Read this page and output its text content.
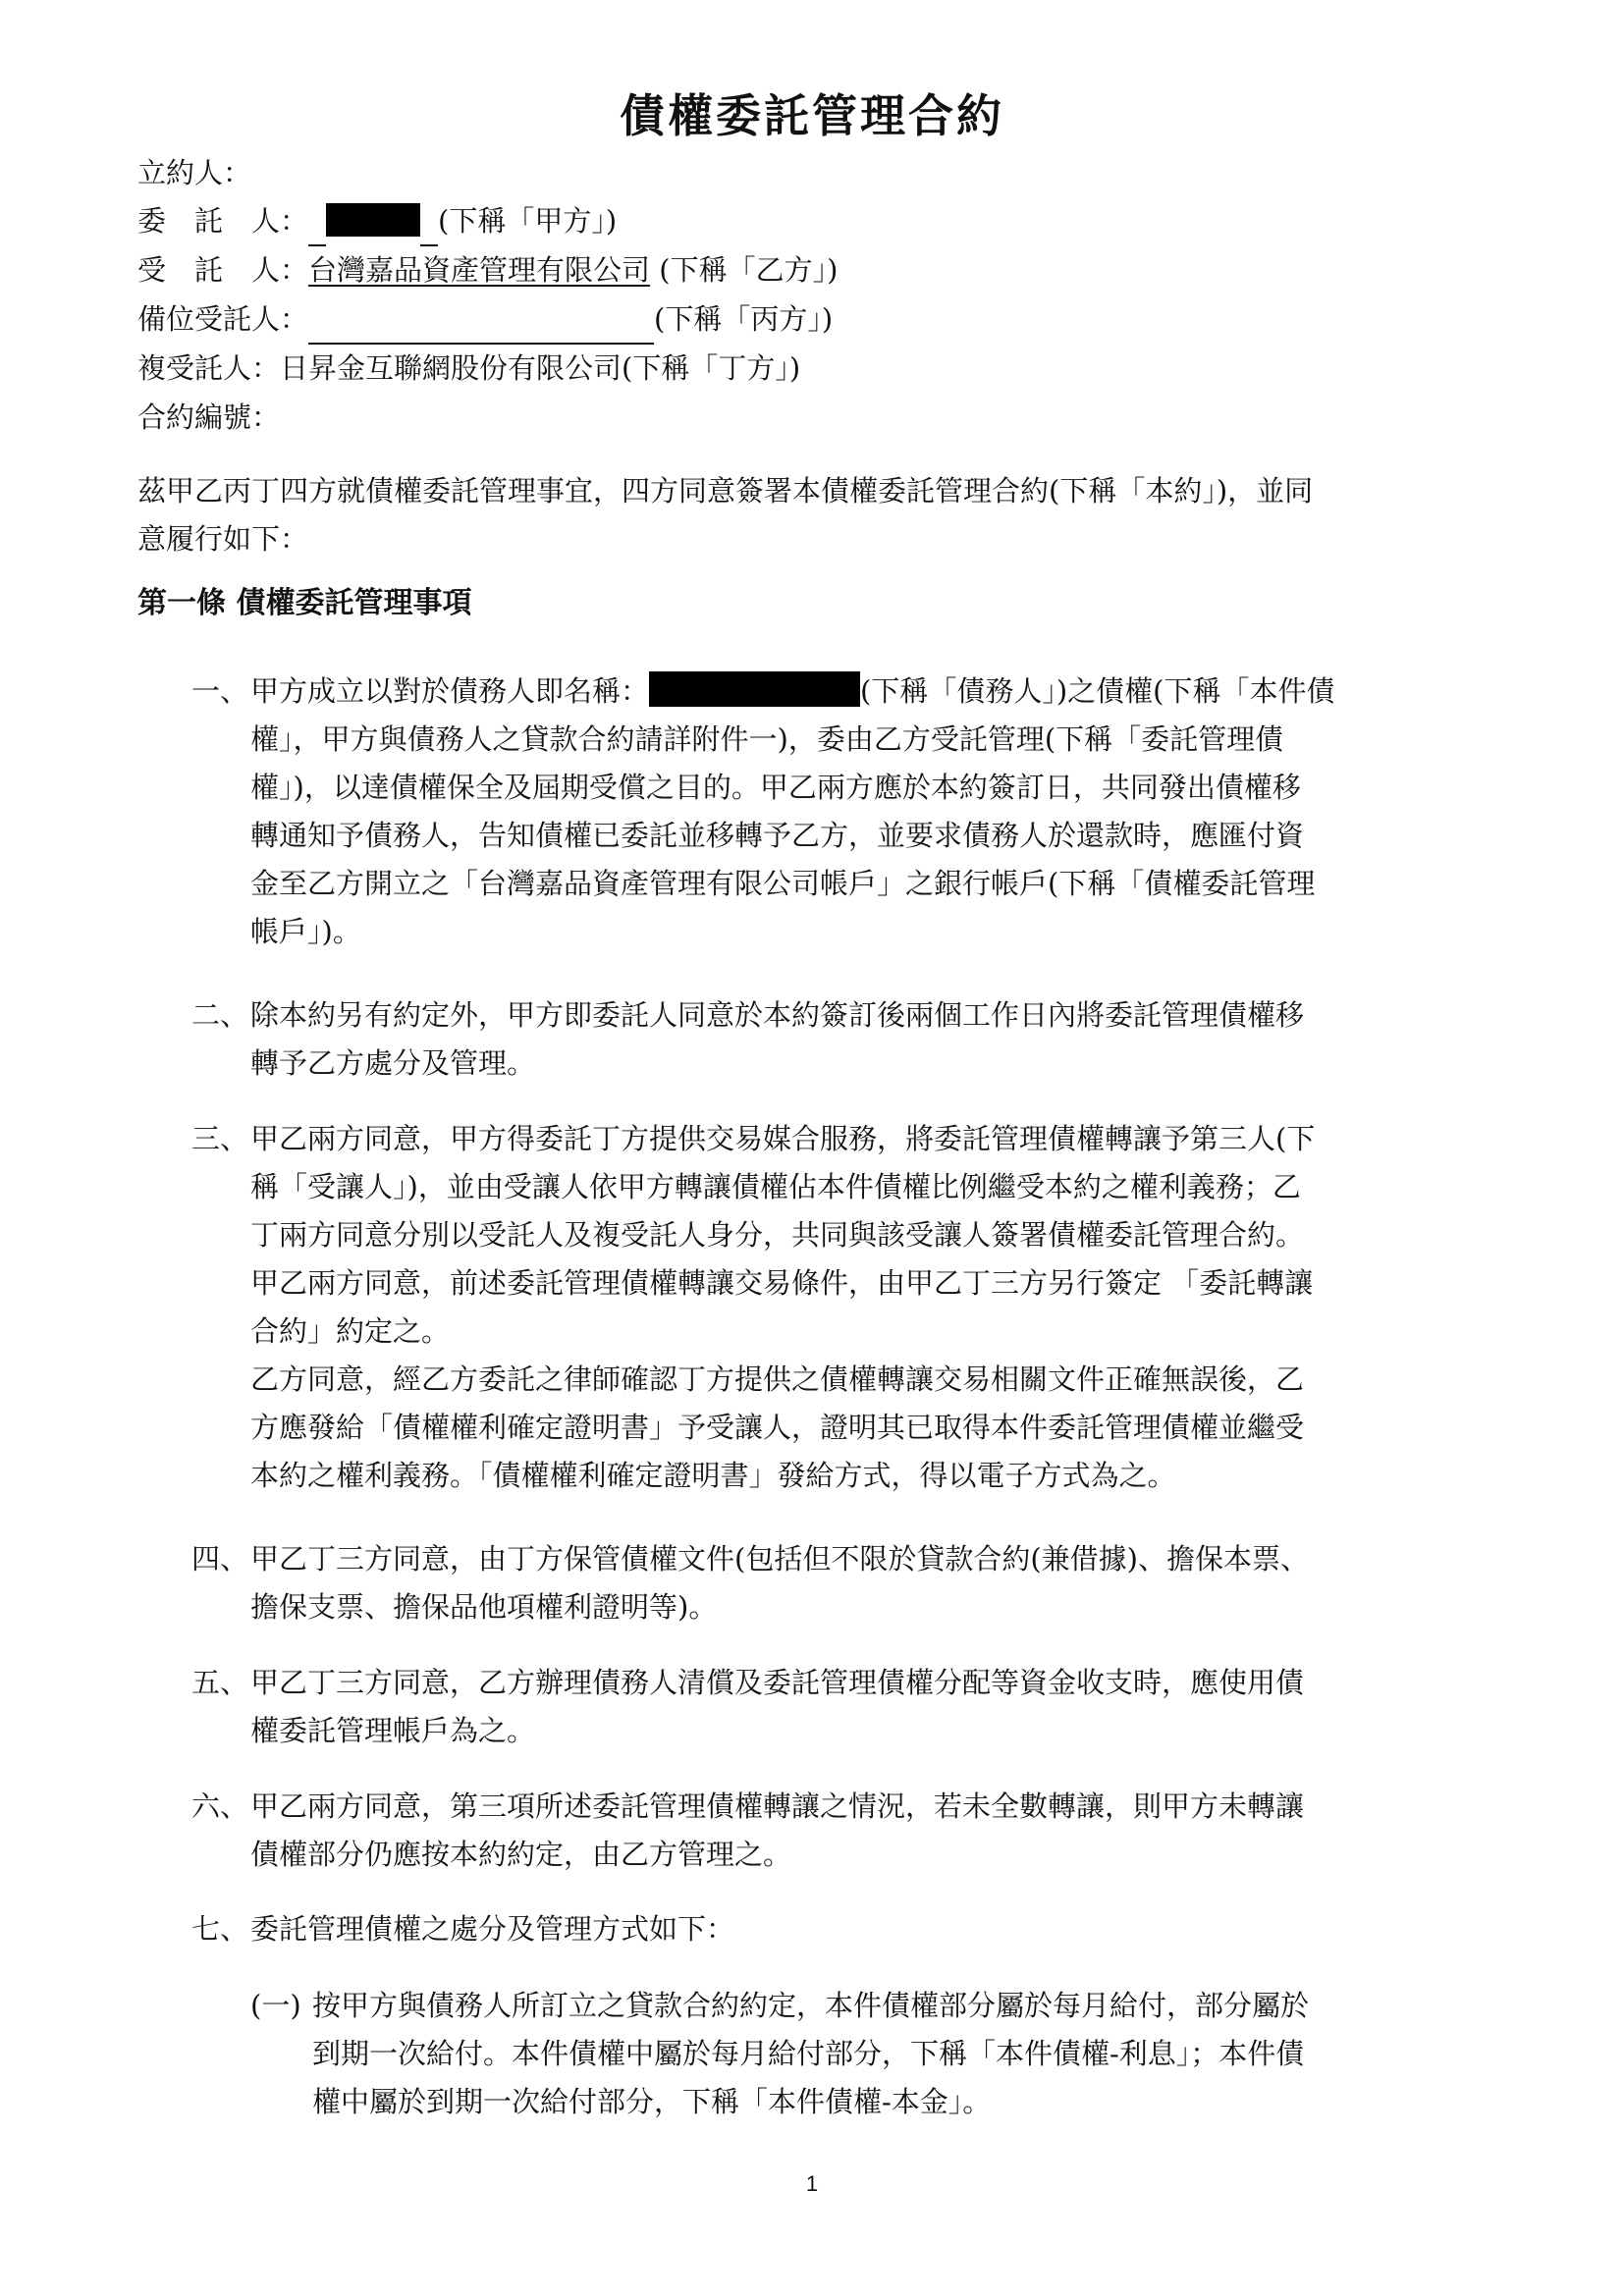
債權委託管理合約
立約人：
委　託　人：	(下稱「甲方」)
受　託　人：台灣嘉品資產管理有限公司 (下稱「乙方」)
備位受託人：	(下稱「丙方」)
複受託人：日昇金互聯網股份有限公司(下稱「丁方」)
合約編號：
茲甲乙丙丁四方就債權委託管理事宜，四方同意簽署本債權委託管理合約(下稱「本約」)，並同
意履行如下：
第一條 債權委託管理事項
一、 甲方成立以對於債務人即名稱：	(下稱「債務人」)之債權(下稱「本件債
權」，甲方與債務人之貸款合約請詳附件一)，委由乙方受託管理(下稱「委託管理債
權」)，以達債權保全及屆期受償之目的。甲乙兩方應於本約簽訂日，共同發出債權移
轉通知予債務人，告知債權已委託並移轉予乙方，並要求債務人於還款時，應匯付資
金至乙方開立之「台灣嘉品資產管理有限公司帳戶」之銀行帳戶(下稱「債權委託管理
帳戶」)。
二、 除本約另有約定外，甲方即委託人同意於本約簽訂後兩個工作日內將委託管理債權移
轉予乙方處分及管理。
三、 甲乙兩方同意，甲方得委託丁方提供交易媒合服務，將委託管理債權轉讓予第三人(下
稱「受讓人」)，並由受讓人依甲方轉讓債權佔本件債權比例繼受本約之權利義務；乙
丁兩方同意分別以受託人及複受託人身分，共同與該受讓人簽署債權委託管理合約。
甲乙兩方同意，前述委託管理債權轉讓交易條件，由甲乙丁三方另行簽定 「委託轉讓
合約」約定之。
乙方同意，經乙方委託之律師確認丁方提供之債權轉讓交易相關文件正確無誤後，乙
方應發給「債權權利確定證明書」予受讓人，證明其已取得本件委託管理債權並繼受
本約之權利義務。「債權權利確定證明書」發給方式，得以電子方式為之。
四、 甲乙丁三方同意，由丁方保管債權文件(包括但不限於貸款合約(兼借據)、擔保本票、
擔保支票、擔保品他項權利證明等)。
五、 甲乙丁三方同意，乙方辦理債務人清償及委託管理債權分配等資金收支時，應使用債
權委託管理帳戶為之。
六、 甲乙兩方同意，第三項所述委託管理債權轉讓之情況，若未全數轉讓，則甲方未轉讓
債權部分仍應按本約約定，由乙方管理之。
七、 委託管理債權之處分及管理方式如下：
(一) 按甲方與債務人所訂立之貸款合約約定，本件債權部分屬於每月給付，部分屬於
到期一次給付。本件債權中屬於每月給付部分，下稱「本件債權-利息」；本件債
權中屬於到期一次給付部分，下稱「本件債權-本金」。
1
